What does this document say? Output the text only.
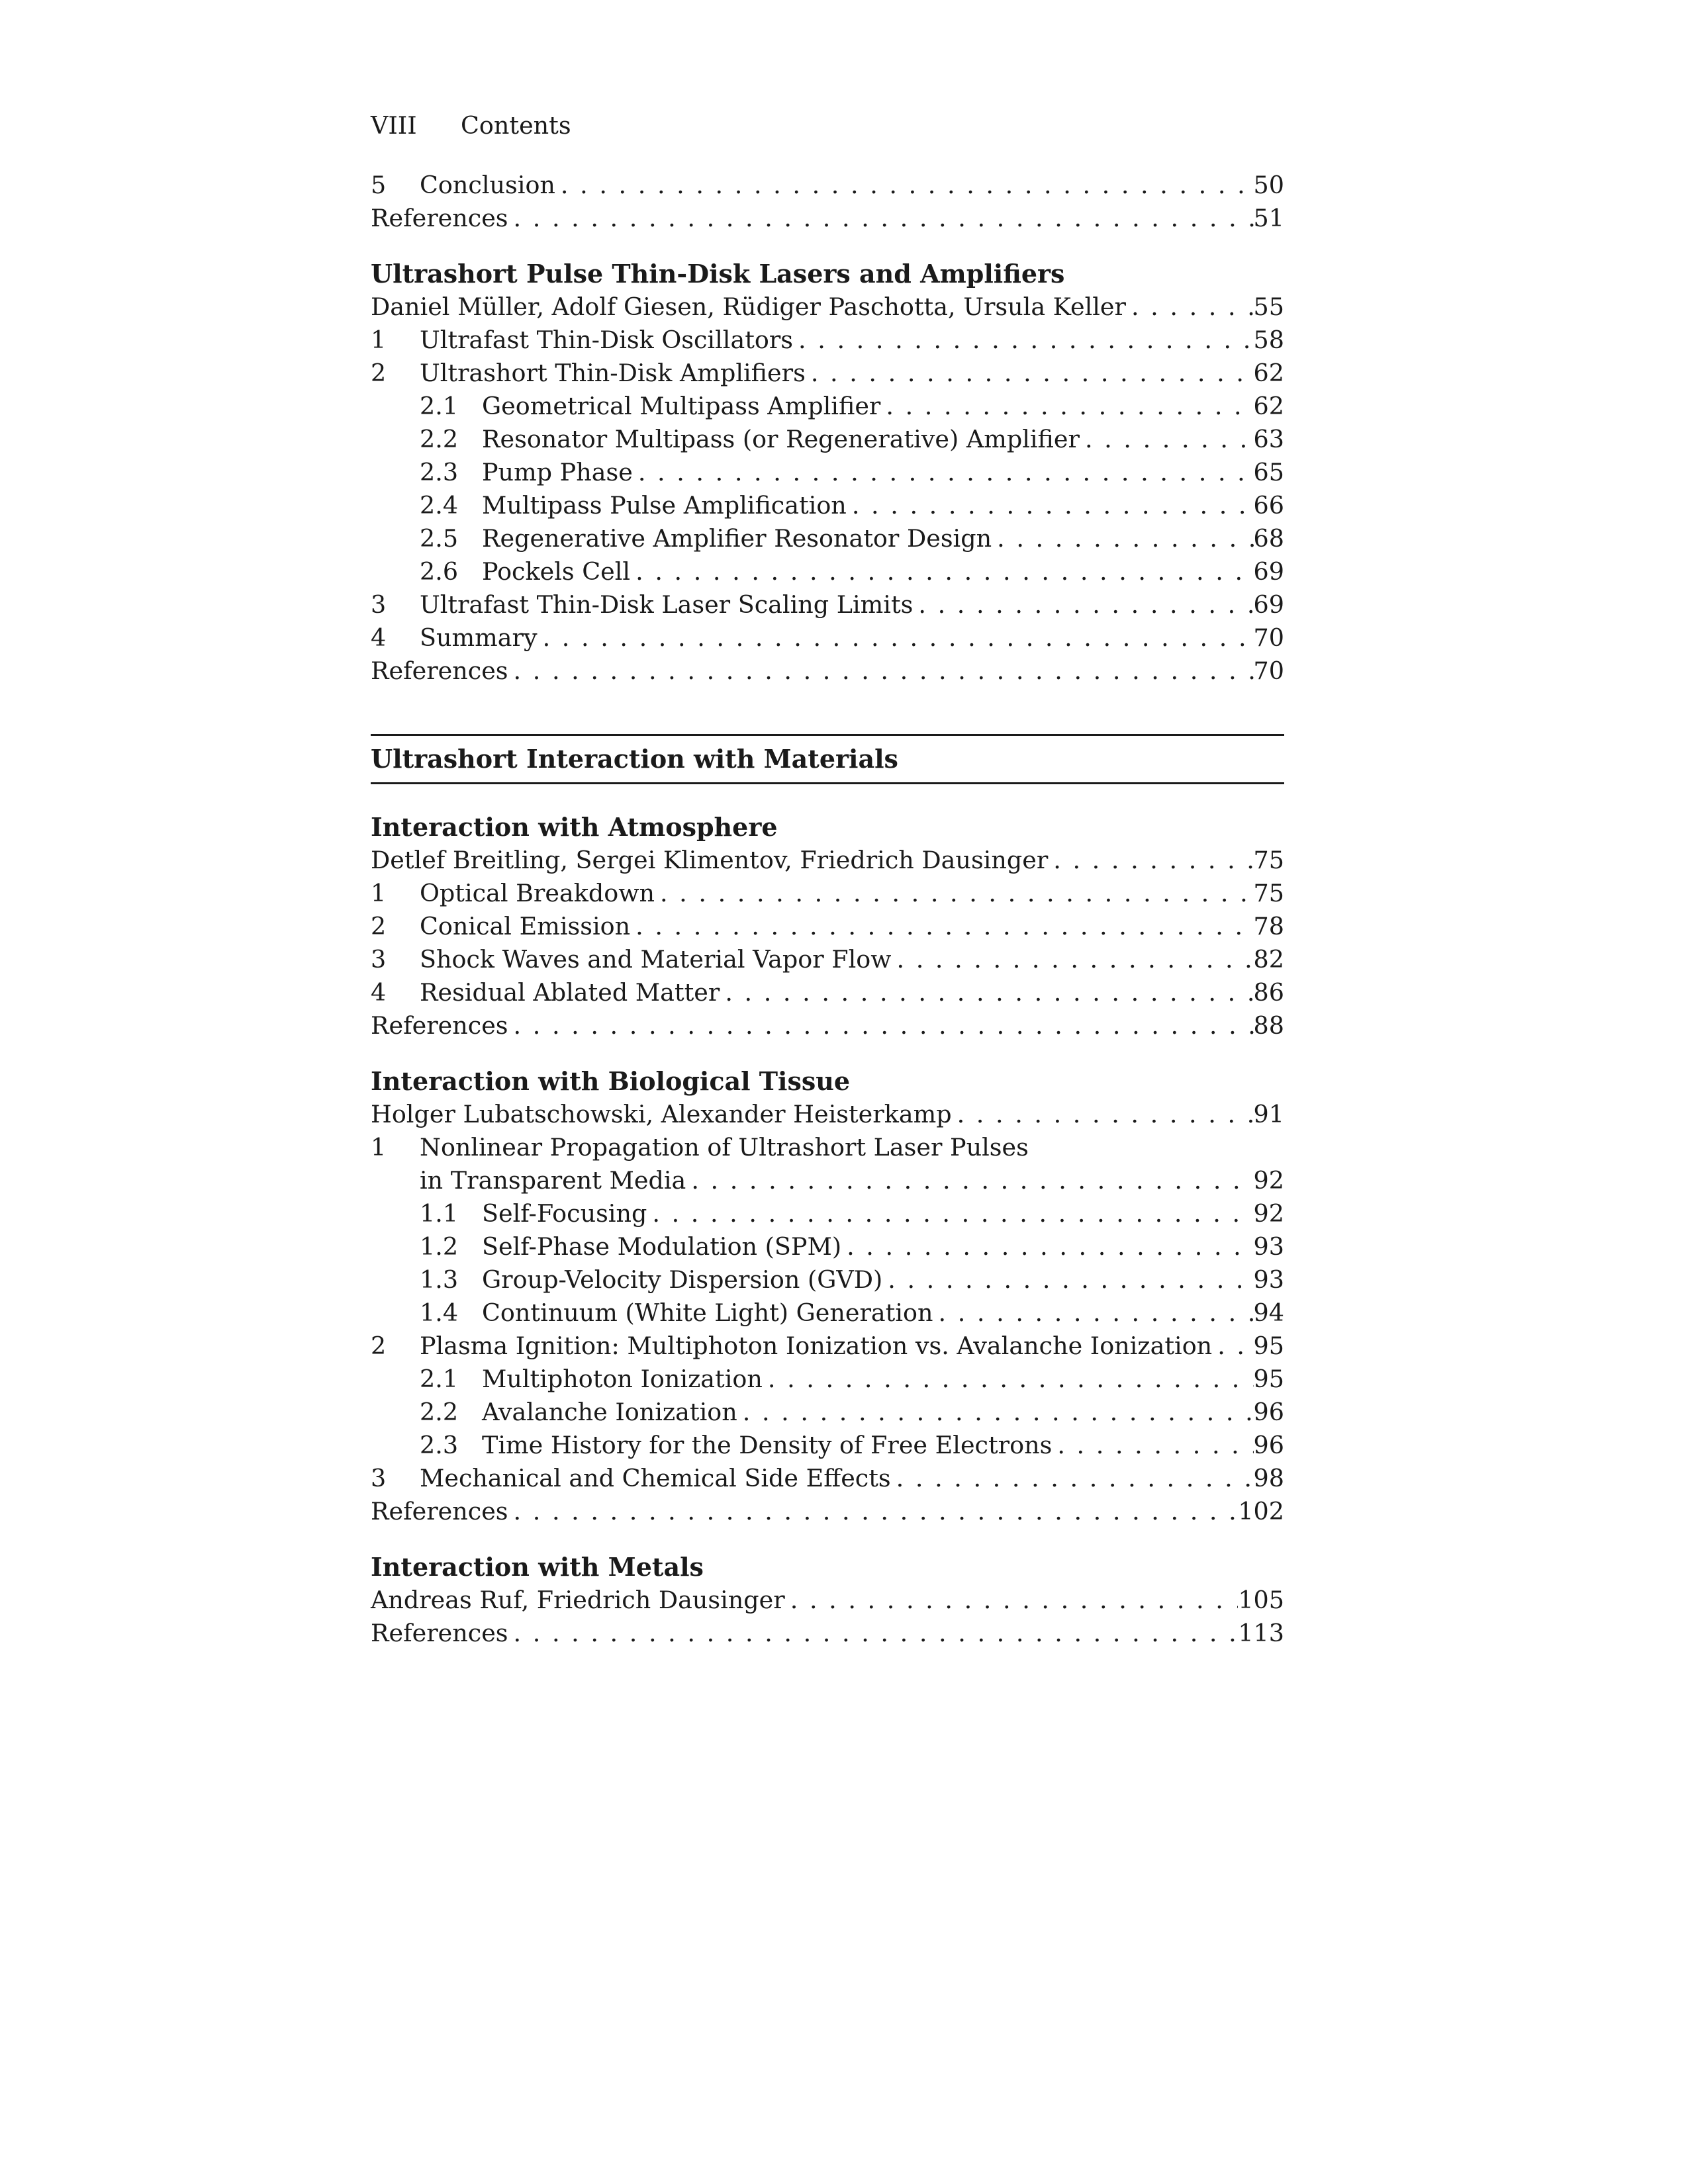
VIII	Contents
5	Conclusion . . .	50
References . . .	51
Ultrashort Pulse Thin-Disk Lasers and Amplifiers
Daniel Müller, Adolf Giesen, Rüdiger Paschotta, Ursula Keller . . .	55
1	Ultrafast Thin-Disk Oscillators . . .	58
2	Ultrashort Thin-Disk Amplifiers . . .	62
2.1 Geometrical Multipass Amplifier . . .	62
2.2 Resonator Multipass (or Regenerative) Amplifier . . .	63
2.3 Pump Phase . . .	65
2.4 Multipass Pulse Amplification . . .	66
2.5 Regenerative Amplifier Resonator Design . . .	68
2.6 Pockels Cell . . .	69
3	Ultrafast Thin-Disk Laser Scaling Limits . . .	69
4	Summary . . .	70
References . . .	70
Ultrashort Interaction with Materials
Interaction with Atmosphere
Detlef Breitling, Sergei Klimentov, Friedrich Dausinger . . .	75
1	Optical Breakdown . . .	75
2	Conical Emission . . .	78
3	Shock Waves and Material Vapor Flow . . .	82
4	Residual Ablated Matter . . .	86
References . . .	88
Interaction with Biological Tissue
Holger Lubatschowski, Alexander Heisterkamp . . .	91
1	Nonlinear Propagation of Ultrashort Laser Pulses
in Transparent Media . . .	92
1.1 Self-Focusing . . .	92
1.2 Self-Phase Modulation (SPM) . . .	93
1.3 Group-Velocity Dispersion (GVD) . . .	93
1.4 Continuum (White Light) Generation . . .	94
2	Plasma Ignition: Multiphoton Ionization vs. Avalanche Ionization . . . 95
2.1 Multiphoton Ionization . . .	95
2.2 Avalanche Ionization . . .	96
2.3 Time History for the Density of Free Electrons . . .	96
3	Mechanical and Chemical Side Effects . . .	98
References . . .	102
Interaction with Metals
Andreas Ruf, Friedrich Dausinger . . .	105
References . . .	113
